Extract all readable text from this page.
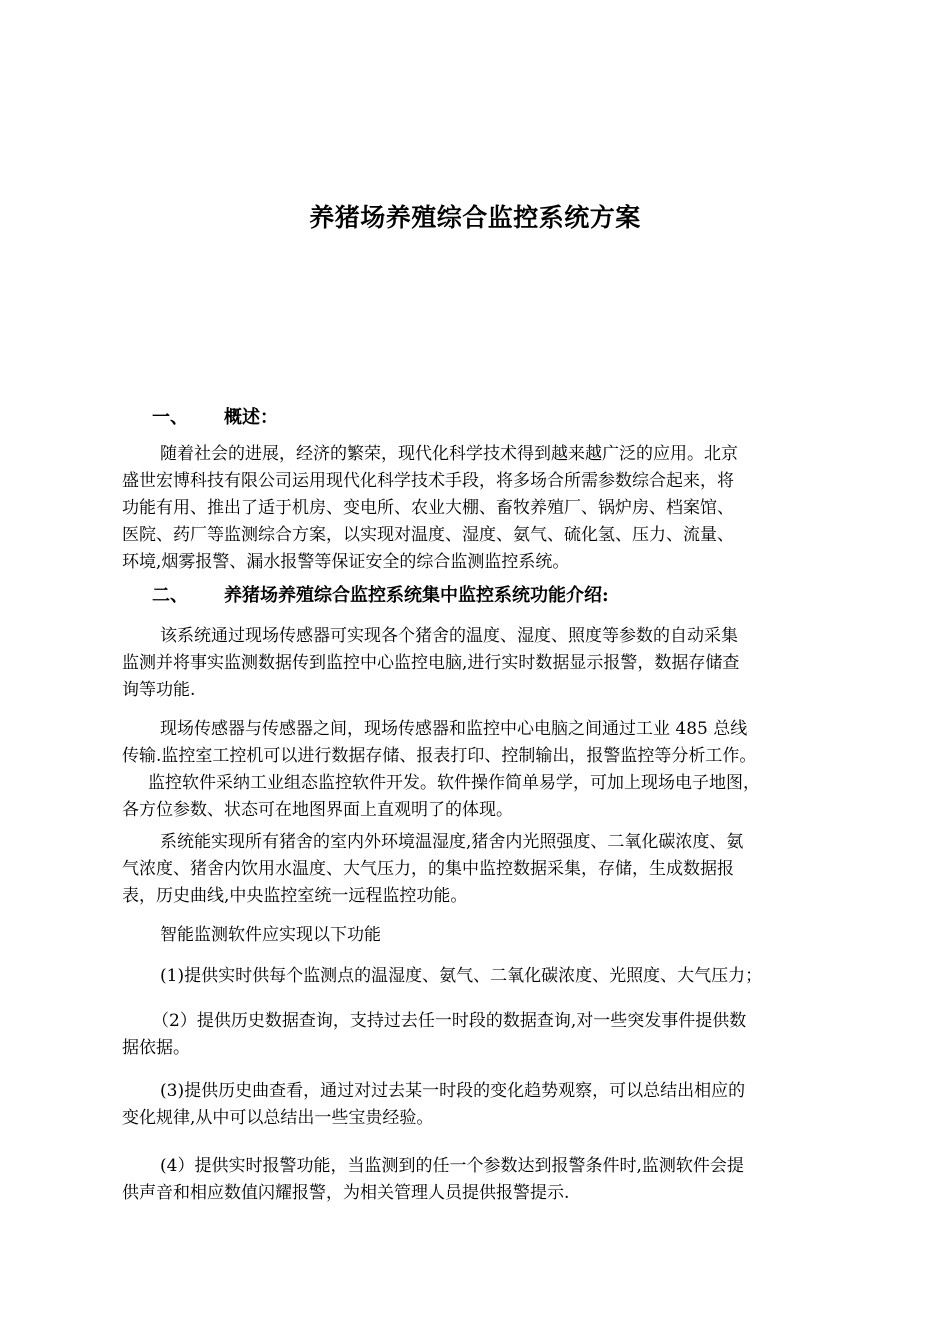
养猪场养殖综合监控系统方案
一、 概述：
随着社会的进展，经济的繁荣，现代化科学技术得到越来越广泛的应用。北京
盛世宏博科技有限公司运用现代化科学技术手段，将多场合所需参数综合起来，将
功能有用、推出了适于机房、变电所、农业大棚、畜牧养殖厂、锅炉房、档案馆、
医院、药厂等监测综合方案，以实现对温度、湿度、氨气、硫化氢、压力、流量、
环境,烟雾报警、漏水报警等保证安全的综合监测监控系统。
二、 养猪场养殖综合监控系统集中监控系统功能介绍:
该系统通过现场传感器可实现各个猪舍的温度、湿度、照度等参数的自动采集
监测并将事实监测数据传到监控中心监控电脑,进行实时数据显示报警，数据存储查
询等功能.
现场传感器与传感器之间，现场传感器和监控中心电脑之间通过工业 485 总线
传输.监控室工控机可以进行数据存储、报表打印、控制输出，报警监控等分析工作。
监控软件采纳工业组态监控软件开发。软件操作简单易学，可加上现场电子地图，
各方位参数、状态可在地图界面上直观明了的体现。
系统能实现所有猪舍的室内外环境温湿度,猪舍内光照强度、二氧化碳浓度、氨
气浓度、猪舍内饮用水温度、大气压力，的集中监控数据采集，存储，生成数据报
表，历史曲线,中央监控室统一远程监控功能。
智能监测软件应实现以下功能
(1)提供实时供每个监测点的温湿度、氨气、二氧化碳浓度、光照度、大气压力；
（2）提供历史数据查询，支持过去任一时段的数据查询,对一些突发事件提供数
据依据。
(3)提供历史曲查看，通过对过去某一时段的变化趋势观察，可以总结出相应的
变化规律,从中可以总结出一些宝贵经验。
(4）提供实时报警功能，当监测到的任一个参数达到报警条件时,监测软件会提
供声音和相应数值闪耀报警，为相关管理人员提供报警提示.
